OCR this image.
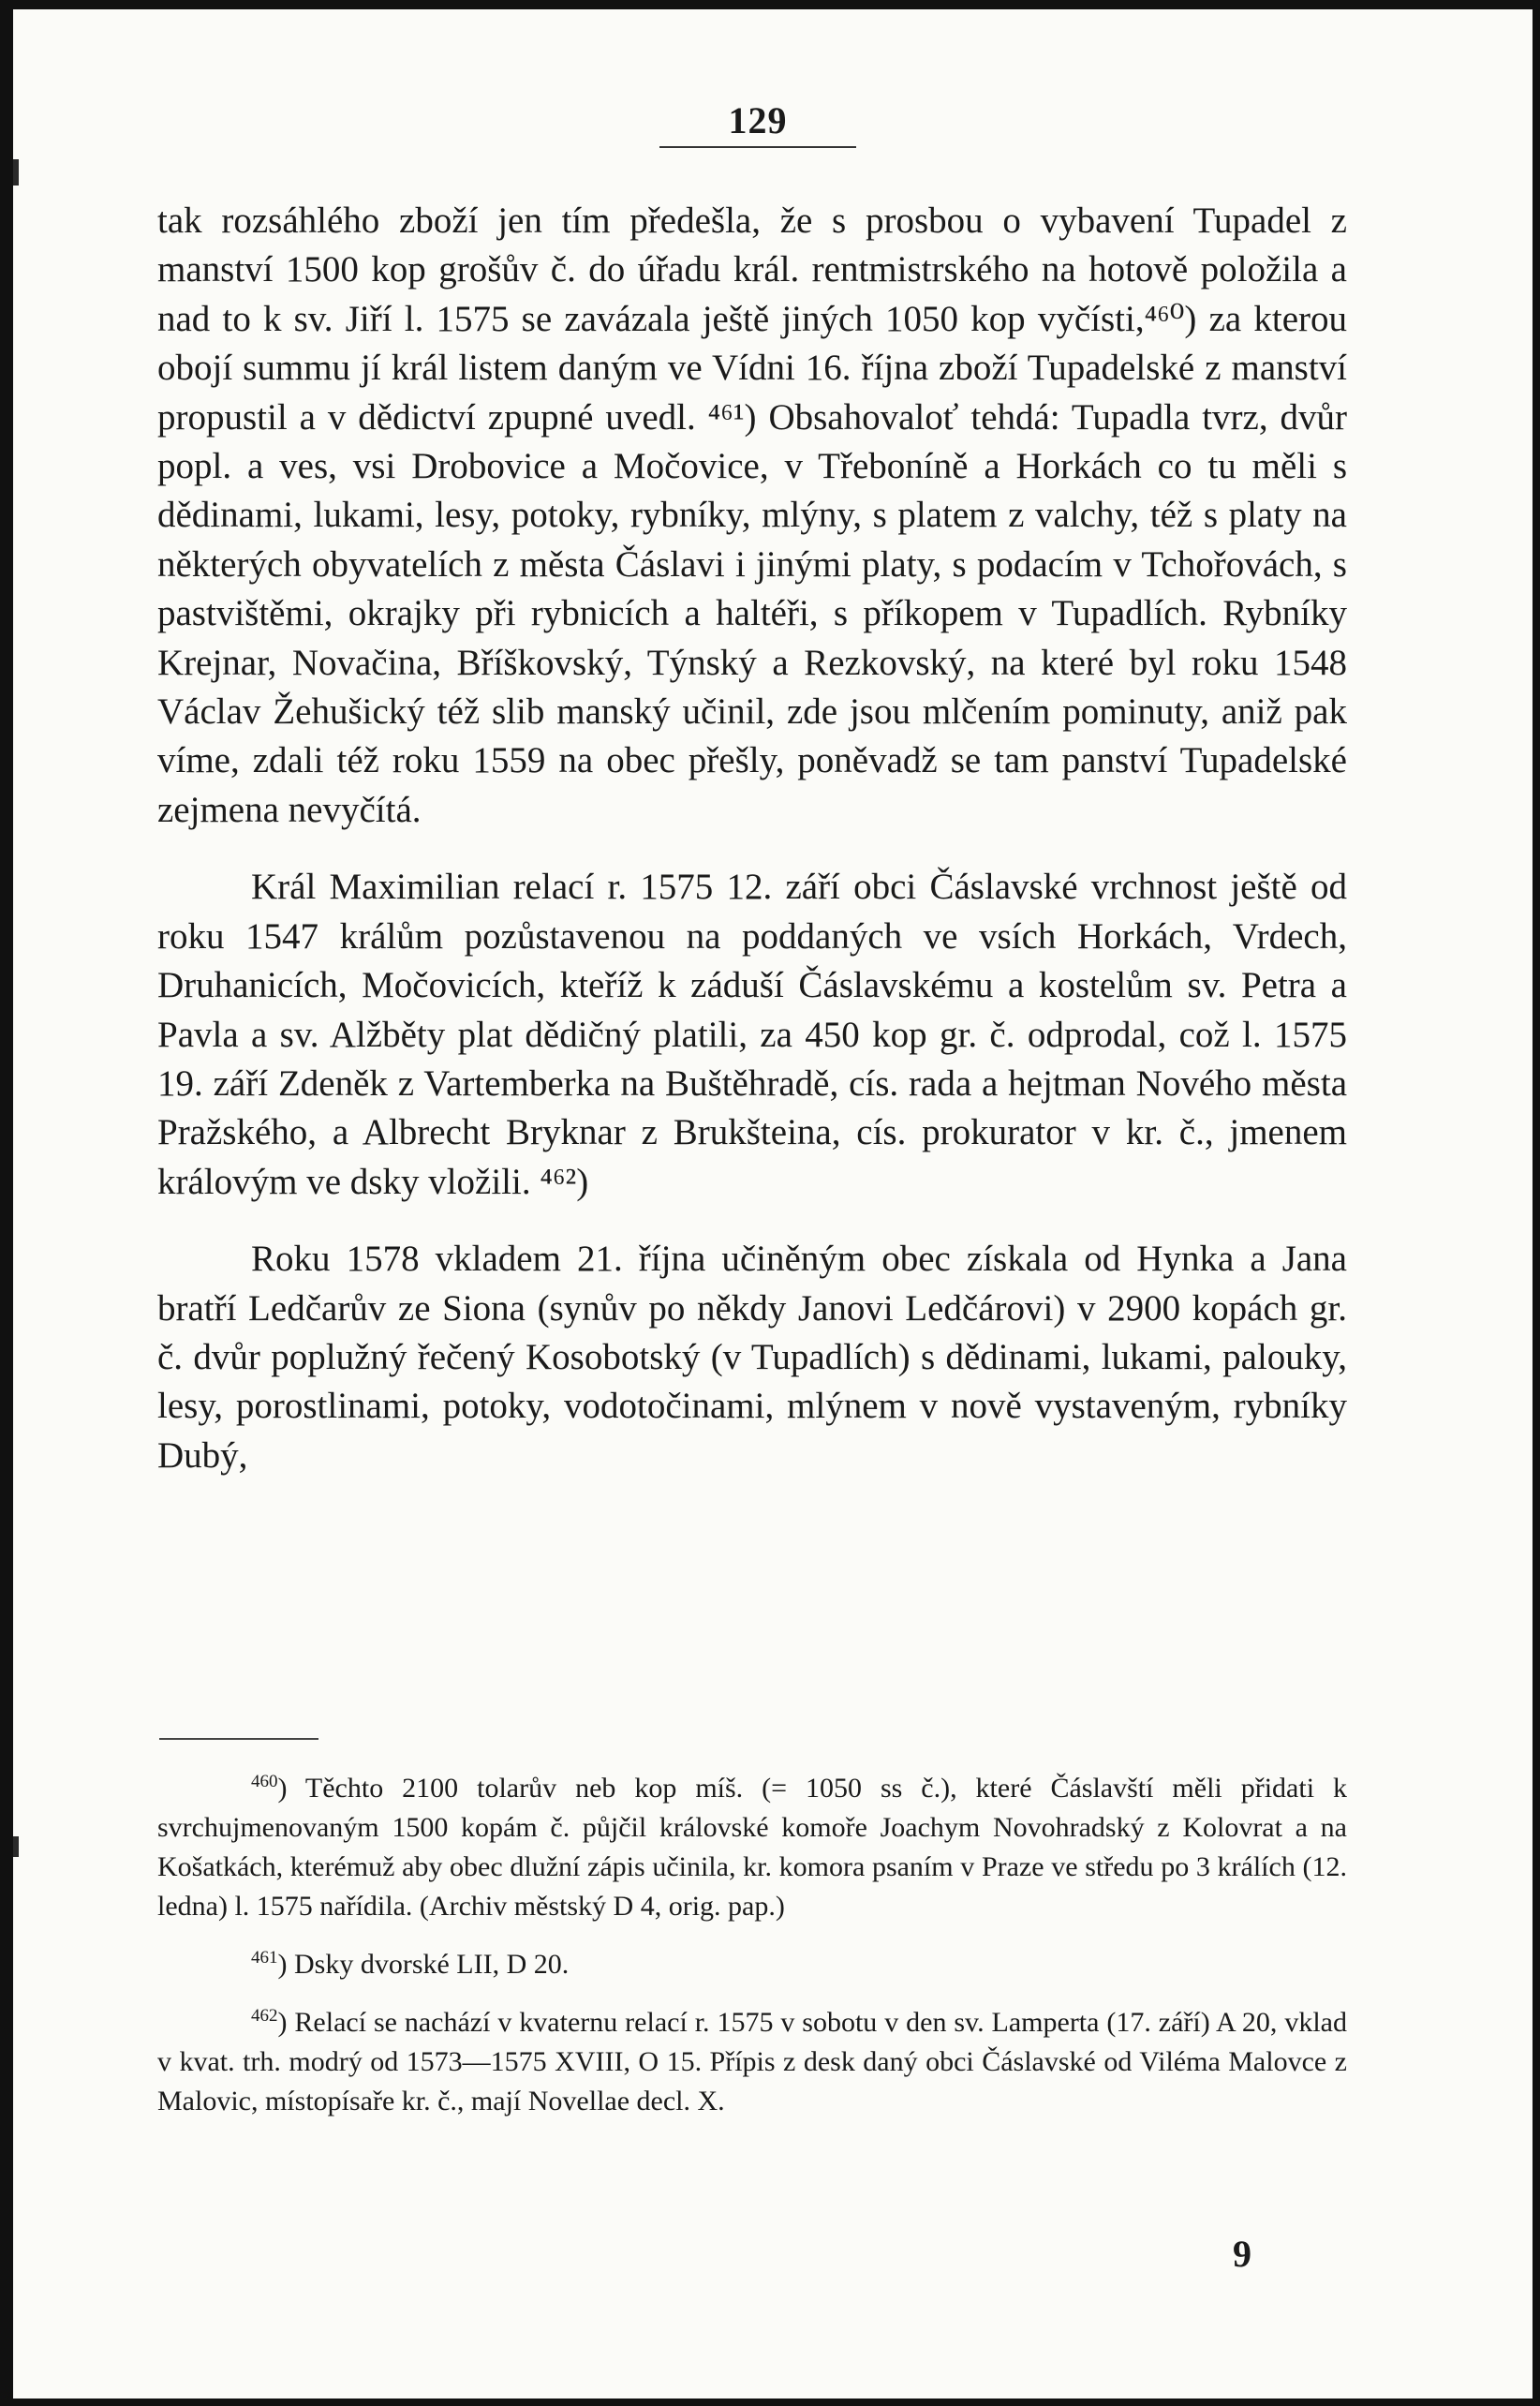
129

tak rozsáhlého zboží jen tím předešla, že s prosbou o vybavení Tupadel z manství 1500 kop grošův č. do úřadu král. rentmistrského na hotově položila a nad to k sv. Jiří l. 1575 se zavázala ještě jiných 1050 kop vyčísti,⁴⁶⁰) za kterou obojí summu jí král listem daným ve Vídni 16. října zboží Tupadelské z manství propustil a v dědictví zpupné uvedl. ⁴⁶¹) Obsahovaloť tehdá: Tupadla tvrz, dvůr popl. a ves, vsi Drobovice a Močovice, v Třeboníně a Horkách co tu měli s dědinami, lukami, lesy, potoky, rybníky, mlýny, s platem z valchy, též s platy na některých obyvatelích z města Čáslavi i jinými platy, s podacím v Tchořovách, s pastvištěmi, okrajky při rybnicích a haltéři, s příkopem v Tupadlích. Rybníky Krejnar, Novačina, Bříškovský, Týnský a Rezkovský, na které byl roku 1548 Václav Žehušický též slib manský učinil, zde jsou mlčením pominuty, aniž pak víme, zdali též roku 1559 na obec přešly, poněvadž se tam panství Tupadelské zejmena nevyčítá.

Král Maximilian relací r. 1575 12. září obci Čáslavské vrchnost ještě od roku 1547 králům pozůstavenou na poddaných ve vsích Horkách, Vrdech, Druhanicích, Močovicích, kteříž k záduší Čáslavskému a kostelům sv. Petra a Pavla a sv. Alžběty plat dědičný platili, za 450 kop gr. č. odprodal, což l. 1575 19. září Zdeněk z Vartemberka na Buštěhradě, cís. rada a hejtman Nového města Pražského, a Albrecht Bryknar z Brukšteina, cís. prokurator v kr. č., jmenem královým ve dsky vložili. ⁴⁶²)

Roku 1578 vkladem 21. října učiněným obec získala od Hynka a Jana bratří Ledčarův ze Siona (synův po někdy Janovi Ledčárovi) v 2900 kopách gr. č. dvůr poplužný řečený Kosobotský (v Tupadlích) s dědinami, lukami, palouky, lesy, porostlinami, potoky, vodotočinami, mlýnem v nově vystaveným, rybníky Dubý,

$^{460}$) Těchto 2100 tolarův neb kop míš. (= 1050 ss č.), které Čáslavští měli přidati k svrchujmenovaným 1500 kopám č. půjčil královské komoře Joachym Novohradský z Kolovrat a na Košatkách, kterémuž aby obec dlužní zápis učinila, kr. komora psaním v Praze ve středu po 3 králích (12. ledna) l. 1575 nařídila. (Archiv městský D 4, orig. pap.)

$^{461}$) Dsky dvorské LII, D 20.

$^{462}$) Relací se nachází v kvaternu relací r. 1575 v sobotu v den sv. Lamperta (17. září) A 20, vklad v kvat. trh. modrý od 1573—1575 XVIII, O 15. Přípis z desk daný obci Čáslavské od Viléma Malovce z Malovic, místopísaře kr. č., mají Novellae decl. X.

9
